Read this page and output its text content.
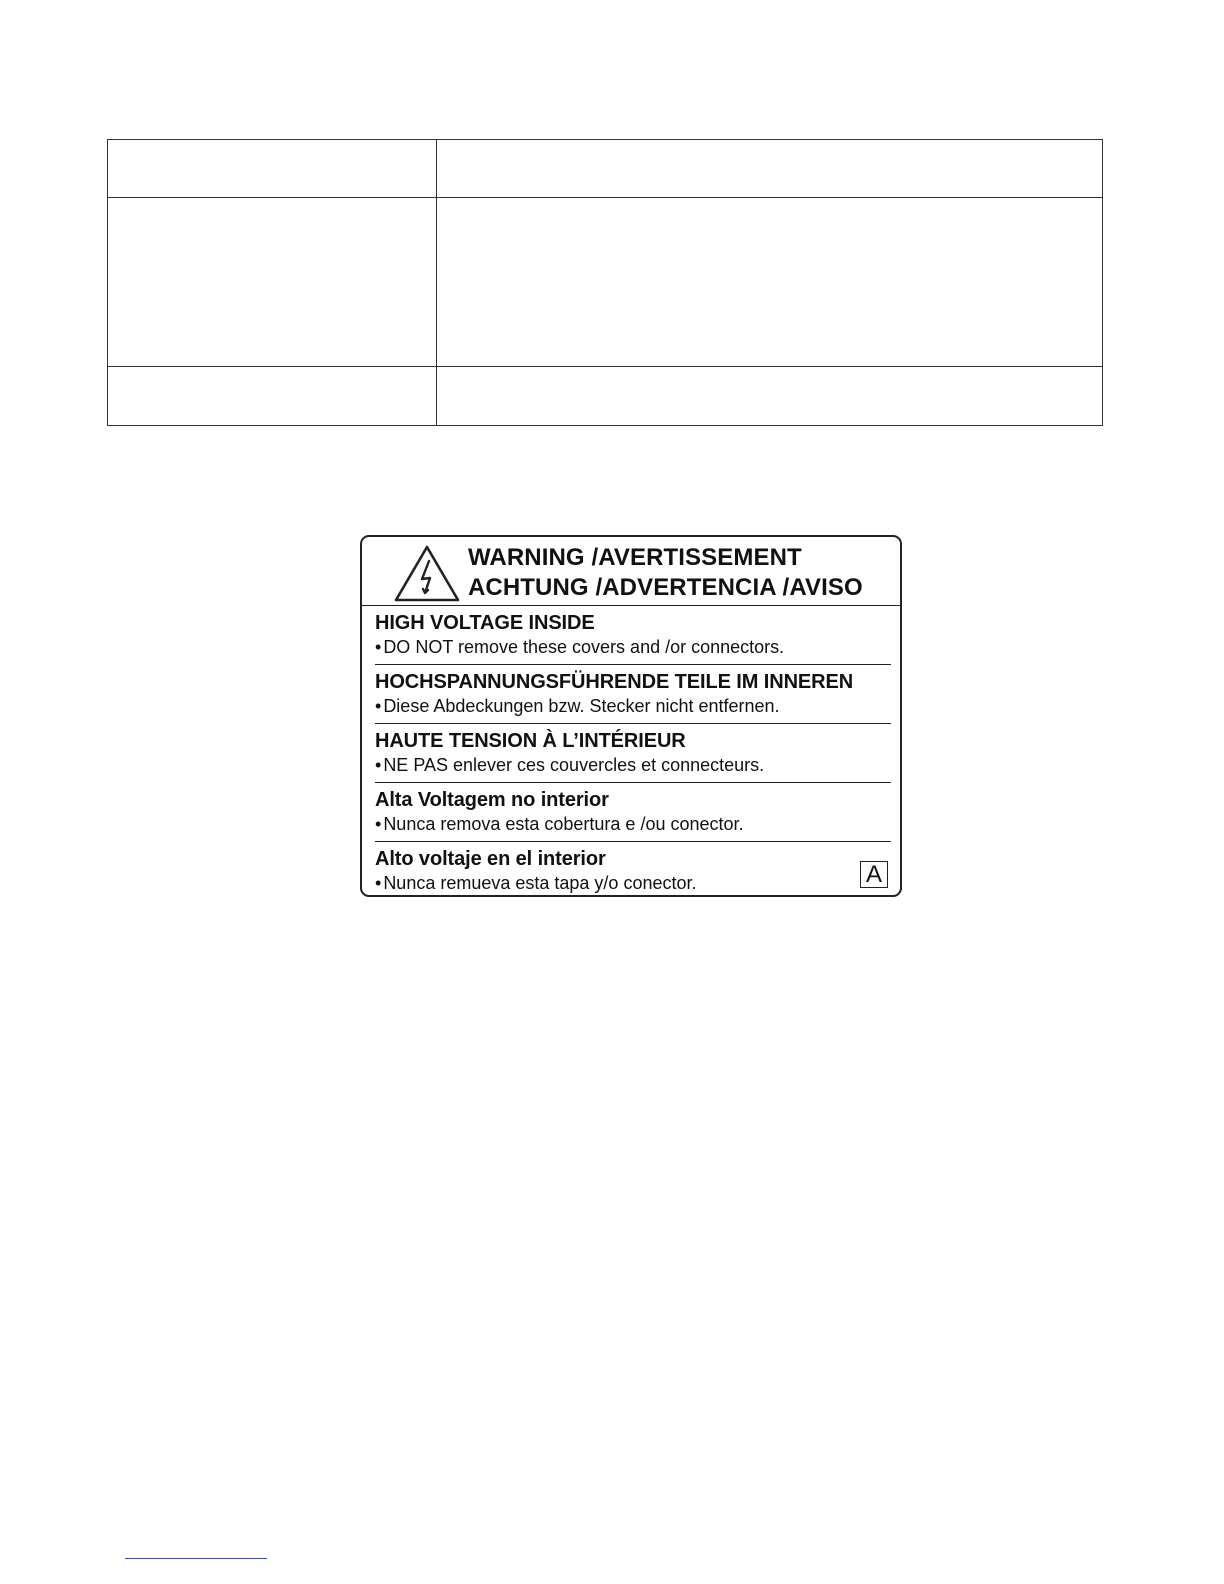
WARNING /AVERTISSEMENT
ACHTUNG /ADVERTENCIA /AVISO
HIGH VOLTAGE INSIDE
• DO NOT remove these covers and /or connectors.
HOCHSPANNUNGSFÜHRENDE TEILE IM INNEREN
• Diese Abdeckungen bzw. Stecker nicht entfernen.
HAUTE TENSION À L’INTÉRIEUR
• NE PAS enlever ces couvercles et connecteurs.
Alta Voltagem no interior
• Nunca remova esta cobertura e /ou conector.
Alto voltaje en el interior
• Nunca remueva esta tapa y/o conector.	A
